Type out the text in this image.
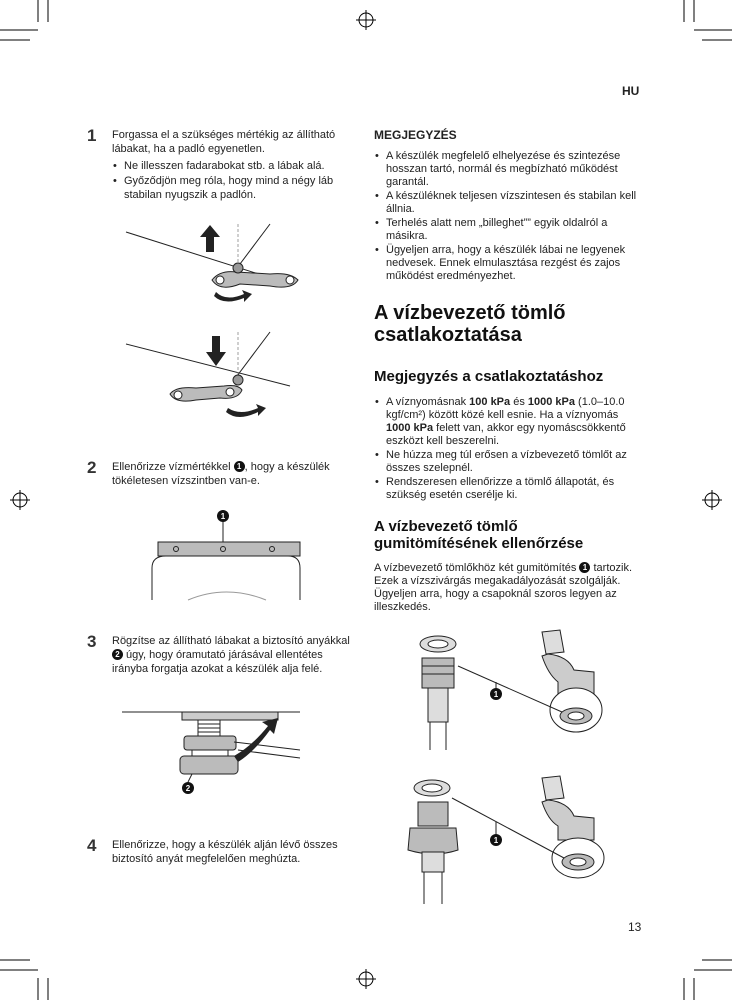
HU
1 Forgassa el a szükséges mértékig az állítható lábakat, ha a padló egyenetlen.
• Ne illesszen fadarabokat stb. a lábak alá.
• Győződjön meg róla, hogy mind a négy láb stabilan nyugszik a padlón.
2 Ellenőrizze vízmértékkel 1 , hogy a készülék tökéletesen vízszintben van-e.
1
3 Rögzítse az állítható lábakat a biztosító anyákkal 2 úgy, hogy óramutató járásával ellentétes irányba forgatja azokat a készülék alja felé.
2
4 Ellenőrizze, hogy a készülék alján lévő összes biztosító anyát megfelelően meghúzta.
MEGJEGYZÉS
• A készülék megfelelő elhelyezése és szintezése hosszan tartó, normál és megbízható működést garantál.
• A készüléknek teljesen vízszintesen és stabilan kell állnia.
• Terhelés alatt nem „billeghet”” egyik oldalról a másikra.
• Ügyeljen arra, hogy a készülék lábai ne legyenek nedvesek. Ennek elmulasztása rezgést és zajos működést eredményezhet.
A vízbevezető tömlő csatlakoztatása
Megjegyzés a csatlakoztatáshoz
• A víznyomásnak 100 kPa és 1000 kPa (1.0–10.0 kgf/cm²) között közé kell esnie. Ha a víznyomás 1000 kPa felett van, akkor egy nyomáscsökkentő eszközt kell beszerelni.
• Ne húzza meg túl erősen a vízbevezető tömlőt az összes szelepnél.
• Rendszeresen ellenőrizze a tömlő állapotát, és szükség esetén cserélje ki.
A vízbevezető tömlő gumitömítésének ellenőrzése
A vízbevezető tömlőkhöz két gumitömítés 1 tartozik. Ezek a vízszivárgás megakadályozását szolgálják. Ügyeljen arra, hogy a csapoknál szoros legyen az illeszkedés.
1
1
13
